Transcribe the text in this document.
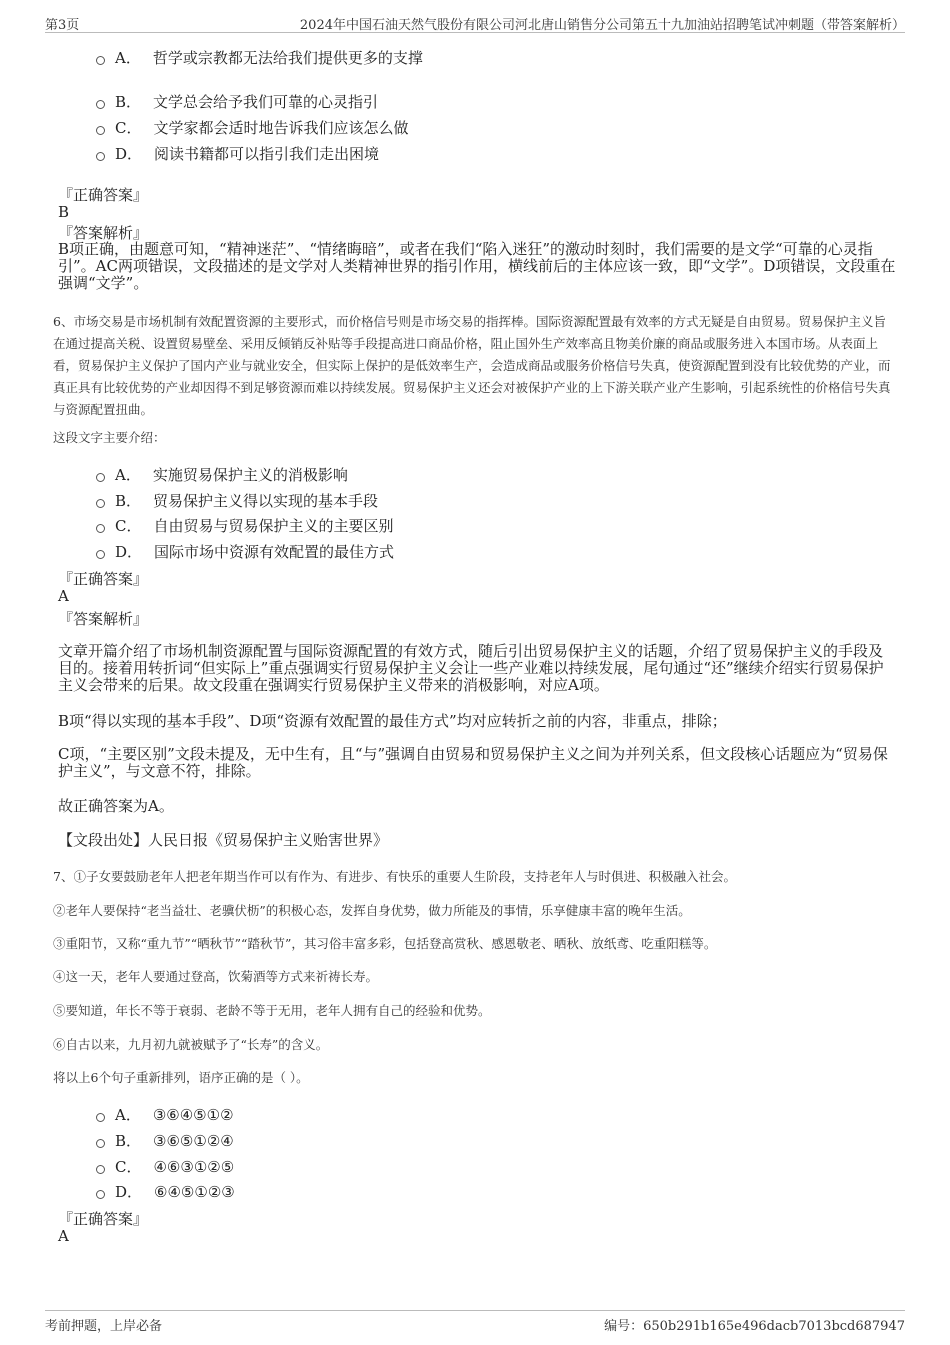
第3页	2024年中国石油天然气股份有限公司河北唐山销售分公司第五十九加油站招聘笔试冲刺题（带答案解析）
A． 哲学或宗教都无法给我们提供更多的支撑
B． 文学总会给予我们可靠的心灵指引
C． 文学家都会适时地告诉我们应该怎么做
D． 阅读书籍都可以指引我们走出困境
『正确答案』
B
『答案解析』
B项正确，由题意可知，“精神迷茫”、“情绪晦暗”，或者在我们“陷入迷狂”的激动时刻时，我们需要的是文学“可靠的心灵指引”。AC两项错误，文段描述的是文学对人类精神世界的指引作用，横线前后的主体应该一致，即“文学”。D项错误，文段重在强调“文学”。
6、市场交易是市场机制有效配置资源的主要形式，而价格信号则是市场交易的指挥棒。国际资源配置最有效率的方式无疑是自由贸易。贸易保护主义旨在通过提高关税、设置贸易壁垒、采用反倾销反补贴等手段提高进口商品价格，阻止国外生产效率高且物美价廉的商品或服务进入本国市场。从表面上看，贸易保护主义保护了国内产业与就业安全，但实际上保护的是低效率生产，会造成商品或服务价格信号失真，使资源配置到没有比较优势的产业，而真正具有比较优势的产业却因得不到足够资源而难以持续发展。贸易保护主义还会对被保护产业的上下游关联产业产生影响，引起系统性的价格信号失真与资源配置扭曲。
这段文字主要介绍：
A． 实施贸易保护主义的消极影响
B． 贸易保护主义得以实现的基本手段
C． 自由贸易与贸易保护主义的主要区别
D． 国际市场中资源有效配置的最佳方式
『正确答案』
A
『答案解析』
文章开篇介绍了市场机制资源配置与国际资源配置的有效方式，随后引出贸易保护主义的话题，介绍了贸易保护主义的手段及目的。接着用转折词“但实际上”重点强调实行贸易保护主义会让一些产业难以持续发展，尾句通过“还”继续介绍实行贸易保护主义会带来的后果。故文段重在强调实行贸易保护主义带来的消极影响，对应A项。
B项“得以实现的基本手段”、D项“资源有效配置的最佳方式”均对应转折之前的内容，非重点，排除；
C项，“主要区别”文段未提及，无中生有，且“与”强调自由贸易和贸易保护主义之间为并列关系，但文段核心话题应为“贸易保护主义”，与文意不符，排除。
故正确答案为A。
【文段出处】人民日报《贸易保护主义贻害世界》
7、①子女要鼓励老年人把老年期当作可以有作为、有进步、有快乐的重要人生阶段，支持老年人与时俱进、积极融入社会。
②老年人要保持“老当益壮、老骥伏枥”的积极心态，发挥自身优势，做力所能及的事情，乐享健康丰富的晚年生活。
③重阳节，又称“重九节”“晒秋节”“踏秋节”，其习俗丰富多彩，包括登高赏秋、感恩敬老、晒秋、放纸鸢、吃重阳糕等。
④这一天，老年人要通过登高，饮菊酒等方式来祈祷长寿。
⑤要知道，年长不等于衰弱、老龄不等于无用，老年人拥有自己的经验和优势。
⑥自古以来，九月初九就被赋予了“长寿”的含义。
将以上6个句子重新排列，语序正确的是（ ）。
A． ③⑥④⑤①②
B． ③⑥⑤①②④
C． ④⑥③①②⑤
D． ⑥④⑤①②③
『正确答案』
A
考前押题，上岸必备	编号：650b291b165e496dacb7013bcd687947
